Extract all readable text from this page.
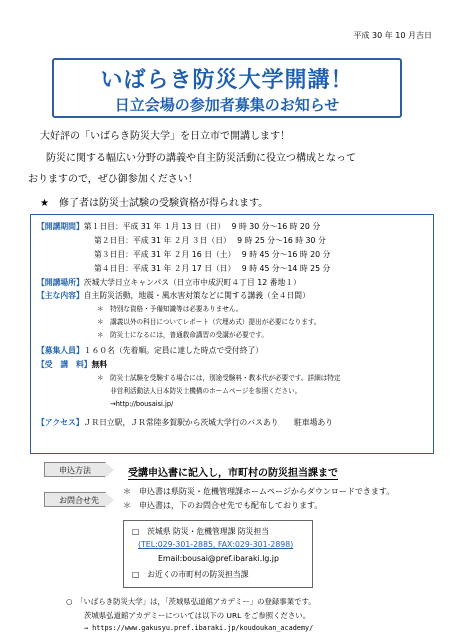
平成 30 年 10 月吉日
いばらき防災大学開講！
日立会場の参加者募集のお知らせ
大好評の「いばらき防災大学」を日立市で開講します！
防災に関する幅広い分野の講義や自主防災活動に役立つ構成となって
おりますので，ぜひ御参加ください！
★　修了者は防災士試験の受験資格が得られます。
【開講期間】第１日目：平成 31 年 １月 13 日（日）　 9 時 30 分～16 時 20 分
第２日目：平成 31 年 ２月 ３日（日）　 9 時 25 分～16 時 30 分
第３日目：平成 31 年 ２月 16 日（土）　 9 時 45 分～16 時 20 分
第４日目：平成 31 年 ２月 17 日（日）　 9 時 45 分～14 時 25 分
【開講場所】茨城大学日立キャンパス（日立市中成沢町４丁目 12 番地１）
【主な内容】自主防災活動，地震・風水害対策などに関する講義（全４日間）
＊　特別な資格・予備知識等は必要ありません。
＊　講義以外の科目についてレポート（穴埋め式）提出が必要になります。
＊　防災士になるには，普通救命講習の受講が必要です。
【募集人員】１６０名（先着順。定員に達した時点で受付終了）
【受　講　料】無料
＊　防災士試験を受験する場合には，別途受験料・教本代が必要です。詳細は特定
　　非営利活動法人日本防災士機構のホームページを参照ください。
　　→http://bousaisi.jp/
【アクセス】ＪＲ日立駅，ＪＲ常陸多賀駅から茨城大学行のバスあり　　駐車場あり
申込方法	受講申込書に記入し，市町村の防災担当課まで
＊　申込書は県防災・危機管理課ホームページからダウンロードできます。
＊　申込書は，下のお問合せ先でも配布しております。
お問合せ先
□　茨城県 防災・危機管理課 防災担当
(TEL:029-301-2885, FAX:029-301-2898)
Email:bousai@pref.ibaraki.lg.jp
□　お近くの市町村の防災担当課
○　「いばらき防災大学」は，「茨城県弘道館アカデミー」の登録事業です。
茨城県弘道館アカデミーについては以下の URL をご参照ください。
→ https://www.gakusyu.pref.ibaraki.jp/koudoukan_academy/
